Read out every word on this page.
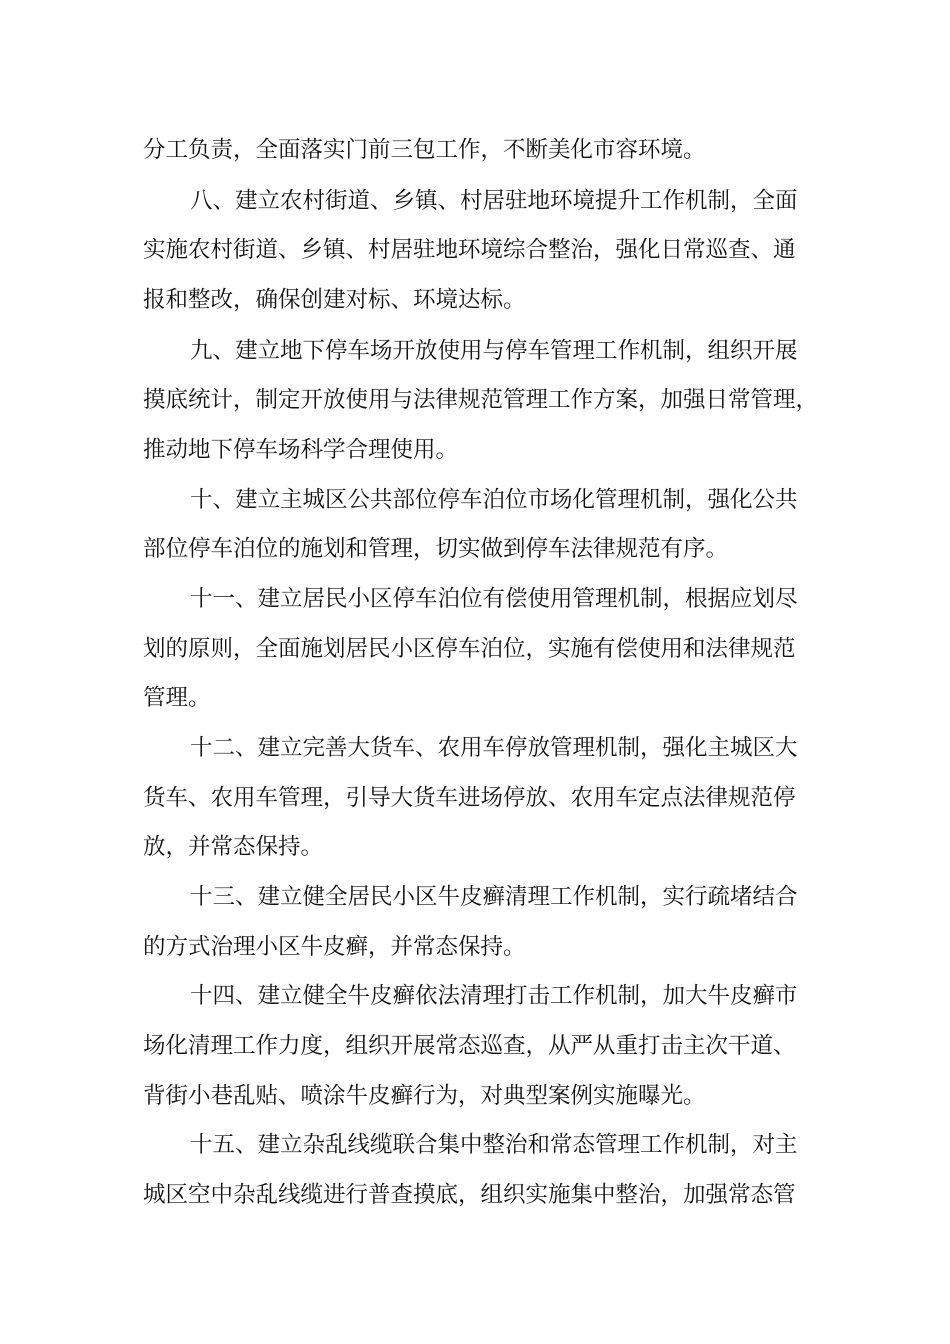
分工负责，全面落实门前三包工作，不断美化市容环境。
八、建立农村街道、乡镇、村居驻地环境提升工作机制，全面
实施农村街道、乡镇、村居驻地环境综合整治，强化日常巡查、通
报和整改，确保创建对标、环境达标。
九、建立地下停车场开放使用与停车管理工作机制，组织开展
摸底统计，制定开放使用与法律规范管理工作方案，加强日常管理，
推动地下停车场科学合理使用。
十、建立主城区公共部位停车泊位市场化管理机制，强化公共
部位停车泊位的施划和管理，切实做到停车法律规范有序。
十一、建立居民小区停车泊位有偿使用管理机制，根据应划尽
划的原则，全面施划居民小区停车泊位，实施有偿使用和法律规范
管理。
十二、建立完善大货车、农用车停放管理机制，强化主城区大
货车、农用车管理，引导大货车进场停放、农用车定点法律规范停
放，并常态保持。
十三、建立健全居民小区牛皮癣清理工作机制，实行疏堵结合
的方式治理小区牛皮癣，并常态保持。
十四、建立健全牛皮癣依法清理打击工作机制，加大牛皮癣市
场化清理工作力度，组织开展常态巡查，从严从重打击主次干道、
背街小巷乱贴、喷涂牛皮癣行为，对典型案例实施曝光。
十五、建立杂乱线缆联合集中整治和常态管理工作机制，对主
城区空中杂乱线缆进行普查摸底，组织实施集中整治，加强常态管
